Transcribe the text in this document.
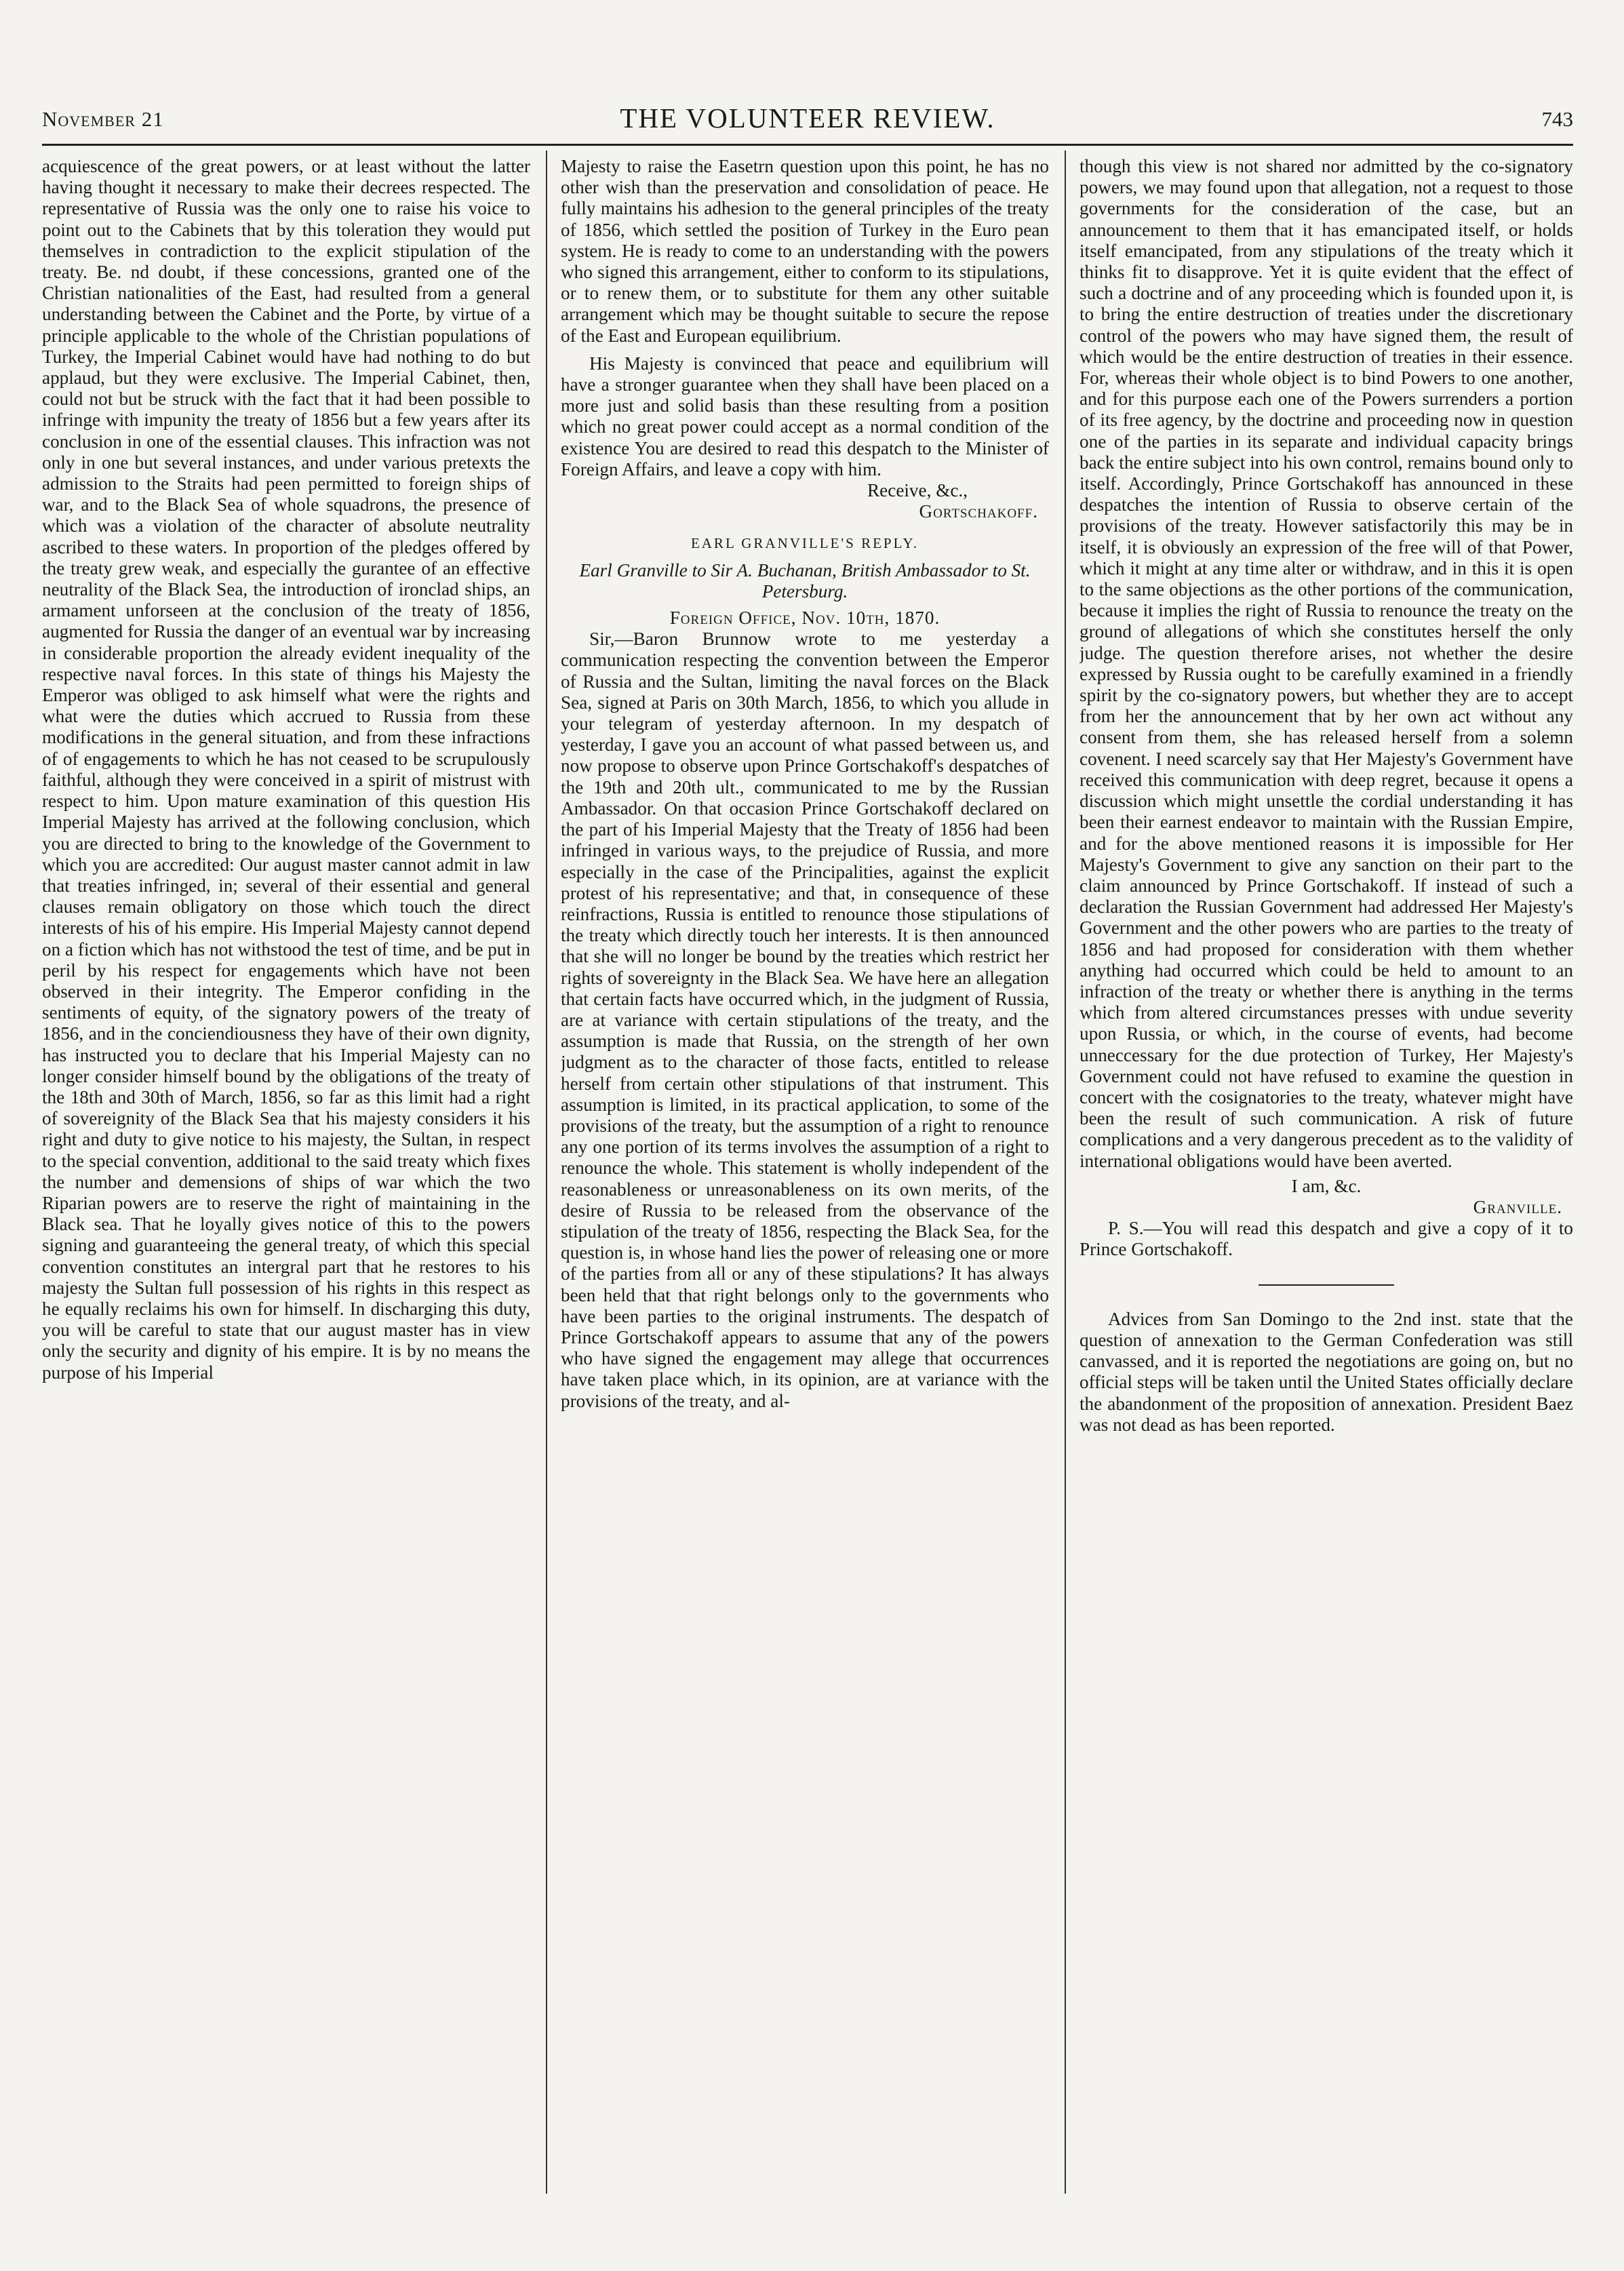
November 21	THE VOLUNTEER REVIEW.	743

acquiescence of the great powers, or at least without the latter having thought it necessary to make their decrees respected. The representative of Russia was the only one to raise his voice to point out to the Cabinets that by this toleration they would put themselves in contradiction to the explicit stipulation of the treaty. Be. nd doubt, if these concessions, granted one of the Christian nationalities of the East, had resulted from a general understanding between the Cabinet and the Porte, by virtue of a principle applicable to the whole of the Christian populations of Turkey, the Imperial Cabinet would have had nothing to do but applaud, but they were exclusive. The Imperial Cabinet, then, could not but be struck with the fact that it had been possible to infringe with impunity the treaty of 1856 but a few years after its conclusion in one of the essential clauses. This infraction was not only in one but several instances, and under various pretexts the admission to the Straits had peen permitted to foreign ships of war, and to the Black Sea of whole squadrons, the presence of which was a violation of the character of absolute neutrality ascribed to these waters. In proportion of the pledges offered by the treaty grew weak, and especially the gurantee of an effective neutrality of the Black Sea, the introduction of ironclad ships, an armament unforseen at the conclusion of the treaty of 1856, augmented for Russia the danger of an eventual war by increasing in considerable proportion the already evident inequality of the respective naval forces. In this state of things his Majesty the Emperor was obliged to ask himself what were the rights and what were the duties which accrued to Russia from these modifications in the general situation, and from these infractions of of engagements to which he has not ceased to be scrupulously faithful, although they were conceived in a spirit of mistrust with respect to him. Upon mature examination of this question His Imperial Majesty has arrived at the following conclusion, which you are directed to bring to the knowledge of the Government to which you are accredited: Our august master cannot admit in law that treaties infringed, in; several of their essential and general clauses remain obligatory on those which touch the direct interests of his of his empire. His Imperial Majesty cannot depend on a fiction which has not withstood the test of time, and be put in peril by his respect for engagements which have not been observed in their integrity. The Emperor confiding in the sentiments of equity, of the signatory powers of the treaty of 1856, and in the conciendiousness they have of their own dignity, has instructed you to declare that his Imperial Majesty can no longer consider himself bound by the obligations of the treaty of the 18th and 30th of March, 1856, so far as this limit had a right of sovereignity of the Black Sea that his majesty considers it his right and duty to give notice to his majesty, the Sultan, in respect to the special convention, additional to the said treaty which fixes the number and demensions of ships of war which the two Riparian powers are to reserve the right of maintaining in the Black sea. That he loyally gives notice of this to the powers signing and guaranteeing the general treaty, of which this special convention constitutes an intergral part that he restores to his majesty the Sultan full possession of his rights in this respect as he equally reclaims his own for himself. In discharging this duty, you will be careful to state that our august master has in view only the security and dignity of his empire. It is by no means the purpose of his Imperial

Majesty to raise the Easetrn question upon this point, he has no other wish than the preservation and consolidation of peace. He fully maintains his adhesion to the general principles of the treaty of 1856, which settled the position of Turkey in the Euro pean system. He is ready to come to an understanding with the powers who signed this arrangement, either to conform to its stipulations, or to renew them, or to substitute for them any other suitable arrangement which may be thought suitable to secure the repose of the East and European equilibrium.

His Majesty is convinced that peace and equilibrium will have a stronger guarantee when they shall have been placed on a more just and solid basis than these resulting from a position which no great power could accept as a normal condition of the existence You are desired to read this despatch to the Minister of Foreign Affairs, and leave a copy with him.

Receive, &c.,

Gortschakoff.

EARL GRANVILLE'S REPLY.

Earl Granville to Sir A. Buchanan, British Ambassador to St. Petersburg.

Foreign Office, Nov. 10th, 1870.

Sir,—Baron Brunnow wrote to me yesterday a communication respecting the convention between the Emperor of Russia and the Sultan, limiting the naval forces on the Black Sea, signed at Paris on 30th March, 1856, to which you allude in your telegram of yesterday afternoon. In my despatch of yesterday, I gave you an account of what passed between us, and now propose to observe upon Prince Gortschakoff's despatches of the 19th and 20th ult., communicated to me by the Russian Ambassador. On that occasion Prince Gortschakoff declared on the part of his Imperial Majesty that the Treaty of 1856 had been infringed in various ways, to the prejudice of Russia, and more especially in the case of the Principalities, against the explicit protest of his representative; and that, in consequence of these reinfractions, Russia is entitled to renounce those stipulations of the treaty which directly touch her interests. It is then announced that she will no longer be bound by the treaties which restrict her rights of sovereignty in the Black Sea. We have here an allegation that certain facts have occurred which, in the judgment of Russia, are at variance with certain stipulations of the treaty, and the assumption is made that Russia, on the strength of her own judgment as to the character of those facts, entitled to release herself from certain other stipulations of that instrument. This assumption is limited, in its practical application, to some of the provisions of the treaty, but the assumption of a right to renounce any one portion of its terms involves the assumption of a right to renounce the whole. This statement is wholly independent of the reasonableness or unreasonableness on its own merits, of the desire of Russia to be released from the observance of the stipulation of the treaty of 1856, respecting the Black Sea, for the question is, in whose hand lies the power of releasing one or more of the parties from all or any of these stipulations? It has always been held that that right belongs only to the governments who have been parties to the original instruments. The despatch of Prince Gortschakoff appears to assume that any of the powers who have signed the engagement may allege that occurrences have taken place which, in its opinion, are at variance with the provisions of the treaty, and al-

though this view is not shared nor admitted by the co-signatory powers, we may found upon that allegation, not a request to those governments for the consideration of the case, but an announcement to them that it has emancipated itself, or holds itself emancipated, from any stipulations of the treaty which it thinks fit to disapprove. Yet it is quite evident that the effect of such a doctrine and of any proceeding which is founded upon it, is to bring the entire destruction of treaties under the discretionary control of the powers who may have signed them, the result of which would be the entire destruction of treaties in their essence. For, whereas their whole object is to bind Powers to one another, and for this purpose each one of the Powers surrenders a portion of its free agency, by the doctrine and proceeding now in question one of the parties in its separate and individual capacity brings back the entire subject into his own control, remains bound only to itself. Accordingly, Prince Gortschakoff has announced in these despatches the intention of Russia to observe certain of the provisions of the treaty. However satisfactorily this may be in itself, it is obviously an expression of the free will of that Power, which it might at any time alter or withdraw, and in this it is open to the same objections as the other portions of the communication, because it implies the right of Russia to renounce the treaty on the ground of allegations of which she constitutes herself the only judge. The question therefore arises, not whether the desire expressed by Russia ought to be carefully examined in a friendly spirit by the co-signatory powers, but whether they are to accept from her the announcement that by her own act without any consent from them, she has released herself from a solemn covenent. I need scarcely say that Her Majesty's Government have received this communication with deep regret, because it opens a discussion which might unsettle the cordial understanding it has been their earnest endeavor to maintain with the Russian Empire, and for the above mentioned reasons it is impossible for Her Majesty's Government to give any sanction on their part to the claim announced by Prince Gortschakoff. If instead of such a declaration the Russian Government had addressed Her Majesty's Government and the other powers who are parties to the treaty of 1856 and had proposed for consideration with them whether anything had occurred which could be held to amount to an infraction of the treaty or whether there is anything in the terms which from altered circumstances presses with undue severity upon Russia, or which, in the course of events, had become unneccessary for the due protection of Turkey, Her Majesty's Government could not have refused to examine the question in concert with the cosignatories to the treaty, whatever might have been the result of such communication. A risk of future complications and a very dangerous precedent as to the validity of international obligations would have been averted.

I am, &c.

Granville.

P. S.—You will read this despatch and give a copy of it to Prince Gortschakoff.

Advices from San Domingo to the 2nd inst. state that the question of annexation to the German Confederation was still canvassed, and it is reported the negotiations are going on, but no official steps will be taken until the United States officially declare the abandonment of the proposition of annexation. President Baez was not dead as has been reported.
